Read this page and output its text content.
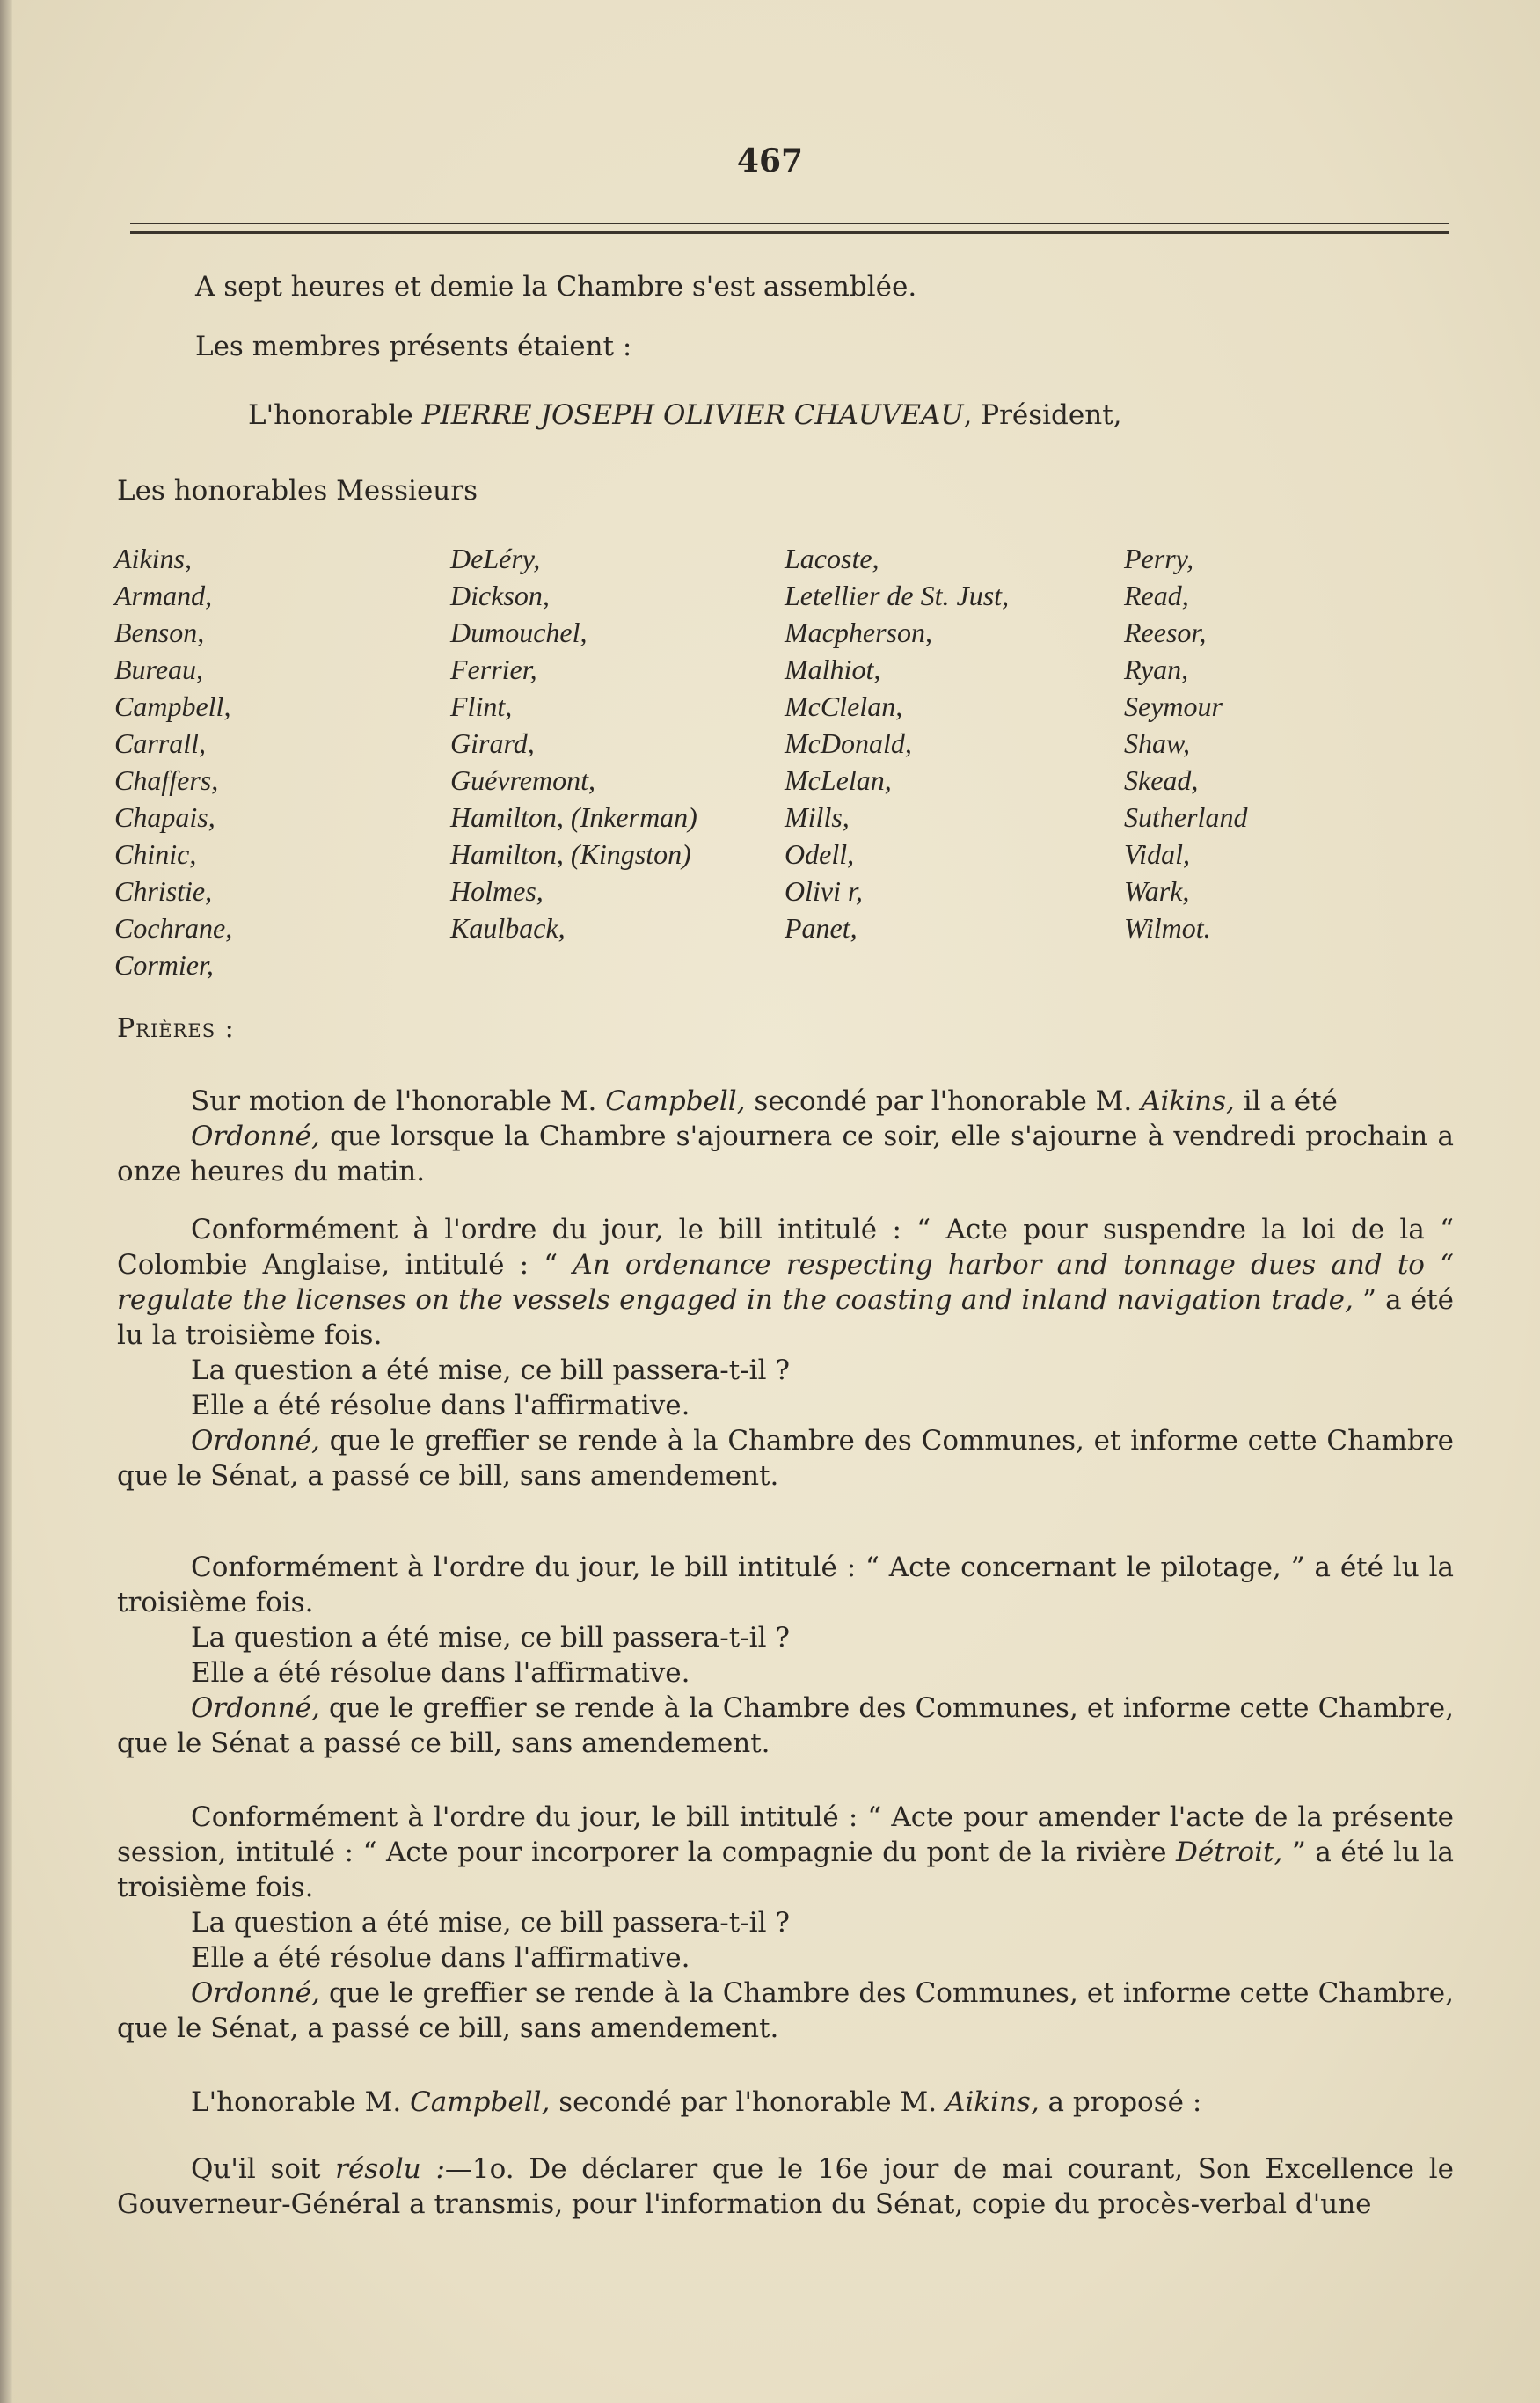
467
A sept heures et demie la Chambre s'est assemblée.
Les membres présents étaient :
L'honorable PIERRE JOSEPH OLIVIER CHAUVEAU, Président,
Les honorables Messieurs
Aikins,
Armand,
Benson,
Bureau,
Campbell,
Carrall,
Chaffers,
Chapais,
Chinic,
Christie,
Cochrane,
Cormier,
DeLéry,
Dickson,
Dumouchel,
Ferrier,
Flint,
Girard,
Guévremont,
Hamilton, (Inkerman)
Hamilton, (Kingston)
Holmes,
Kaulback,
Lacoste,
Letellier de St. Just,
Macpherson,
Malhiot,
McClelan,
McDonald,
McLelan,
Mills,
Odell,
Olivi r,
Panet,
Perry,
Read,
Reesor,
Ryan,
Seymour
Shaw,
Skead,
Sutherland
Vidal,
Wark,
Wilmot.
Prières :

Sur motion de l'honorable M. Campbell, secondé par l'honorable M. Aikins, il a été

Ordonné, que lorsque la Chambre s'ajournera ce soir, elle s'ajourne à vendredi prochain a onze heures du matin.

Conformément à l'ordre du jour, le bill intitulé : “ Acte pour suspendre la loi de la “ Colombie Anglaise, intitulé : “ An ordenance respecting harbor and tonnage dues and to “ regulate the licenses on the vessels engaged in the coasting and inland navigation trade, ” a été lu la troisième fois.

La question a été mise, ce bill passera-t-il ?

Elle a été résolue dans l'affirmative.

Ordonné, que le greffier se rende à la Chambre des Communes, et informe cette Chambre que le Sénat, a passé ce bill, sans amendement.

Conformément à l'ordre du jour, le bill intitulé : “ Acte concernant le pilotage, ” a été lu la troisième fois.

La question a été mise, ce bill passera-t-il ?

Elle a été résolue dans l'affirmative.

Ordonné, que le greffier se rende à la Chambre des Communes, et informe cette Chambre, que le Sénat a passé ce bill, sans amendement.

Conformément à l'ordre du jour, le bill intitulé : “ Acte pour amender l'acte de la présente session, intitulé : “ Acte pour incorporer la compagnie du pont de la rivière Détroit, ” a été lu la troisième fois.

La question a été mise, ce bill passera-t-il ?

Elle a été résolue dans l'affirmative.

Ordonné, que le greffier se rende à la Chambre des Communes, et informe cette Chambre, que le Sénat, a passé ce bill, sans amendement.

L'honorable M. Campbell, secondé par l'honorable M. Aikins, a proposé :

Qu'il soit résolu :—1o. De déclarer que le 16e jour de mai courant, Son Excellence le Gouverneur-Général a transmis, pour l'information du Sénat, copie du procès-verbal d'une
